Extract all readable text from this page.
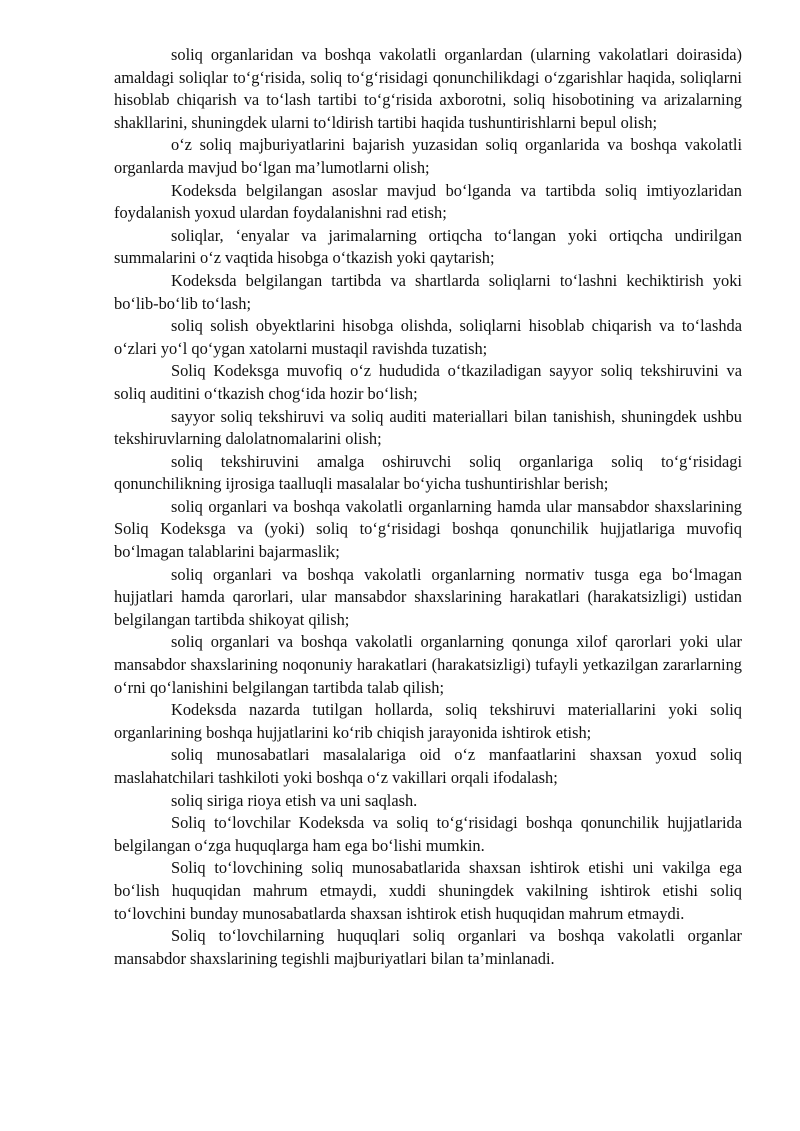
soliq organlaridan va boshqa vakolatli organlardan (ularning vakolatlari doirasida) amaldagi soliqlar to‘g‘risida, soliq to‘g‘risidagi qonunchilikdagi o‘zgarishlar haqida, soliqlarni hisoblab chiqarish va to‘lash tartibi to‘g‘risida axborotni, soliq hisobotining va arizalarning shakllarini, shuningdek ularni to‘ldirish tartibi haqida tushuntirishlarni bepul olish;

o‘z soliq majburiyatlarini bajarish yuzasidan soliq organlarida va boshqa vakolatli organlarda mavjud bo‘lgan ma’lumotlarni olish;

Kodeksda belgilangan asoslar mavjud bo‘lganda va tartibda soliq imtiyozlaridan foydalanish yoxud ulardan foydalanishni rad etish;

soliqlar, ‘enyalar va jarimalarning ortiqcha to‘langan yoki ortiqcha undirilgan summalarini o‘z vaqtida hisobga o‘tkazish yoki qaytarish;

Kodeksda belgilangan tartibda va shartlarda soliqlarni to‘lashni kechiktirish yoki bo‘lib-bo‘lib to‘lash;

soliq solish obyektlarini hisobga olishda, soliqlarni hisoblab chiqarish va to‘lashda o‘zlari yo‘l qo‘ygan xatolarni mustaqil ravishda tuzatish;

Soliq Kodeksga muvofiq o‘z hududida o‘tkaziladigan sayyor soliq tekshiruvini va soliq auditini o‘tkazish chog‘ida hozir bo‘lish;

sayyor soliq tekshiruvi va soliq auditi materiallari bilan tanishish, shuningdek ushbu tekshiruvlarning dalolatnomalarini olish;

soliq tekshiruvini amalga oshiruvchi soliq organlariga soliq to‘g‘risidagi qonunchilikning ijrosiga taalluqli masalalar bo‘yicha tushuntirishlar berish;

soliq organlari va boshqa vakolatli organlarning hamda ular mansabdor shaxslarining Soliq Kodeksga va (yoki) soliq to‘g‘risidagi boshqa qonunchilik hujjatlariga muvofiq bo‘lmagan talablarini bajarmaslik;

soliq organlari va boshqa vakolatli organlarning normativ tusga ega bo‘lmagan hujjatlari hamda qarorlari, ular mansabdor shaxslarining harakatlari (harakatsizligi) ustidan belgilangan tartibda shikoyat qilish;

soliq organlari va boshqa vakolatli organlarning qonunga xilof qarorlari yoki ular mansabdor shaxslarining noqonuniy harakatlari (harakatsizligi) tufayli yetkazilgan zararlarning o‘rni qo‘lanishini belgilangan tartibda talab qilish;

Kodeksda nazarda tutilgan hollarda, soliq tekshiruvi materiallarini yoki soliq organlarining boshqa hujjatlarini ko‘rib chiqish jarayonida ishtirok etish;

soliq munosabatlari masalalariga oid o‘z manfaatlarini shaxsan yoxud soliq maslahatchilari tashkiloti yoki boshqa o‘z vakillari orqali ifodalash;

soliq siriga rioya etish va uni saqlash.

Soliq to‘lovchilar Kodeksda va soliq to‘g‘risidagi boshqa qonunchilik hujjatlarida belgilangan o‘zga huquqlarga ham ega bo‘lishi mumkin.

Soliq to‘lovchining soliq munosabatlarida shaxsan ishtirok etishi uni vakilga ega bo‘lish huquqidan mahrum etmaydi, xuddi shuningdek vakilning ishtirok etishi soliq to‘lovchini bunday munosabatlarda shaxsan ishtirok etish huquqidan mahrum etmaydi.

Soliq to‘lovchilarning huquqlari soliq organlari va boshqa vakolatli organlar mansabdor shaxslarining tegishli majburiyatlari bilan ta’minlanadi.
